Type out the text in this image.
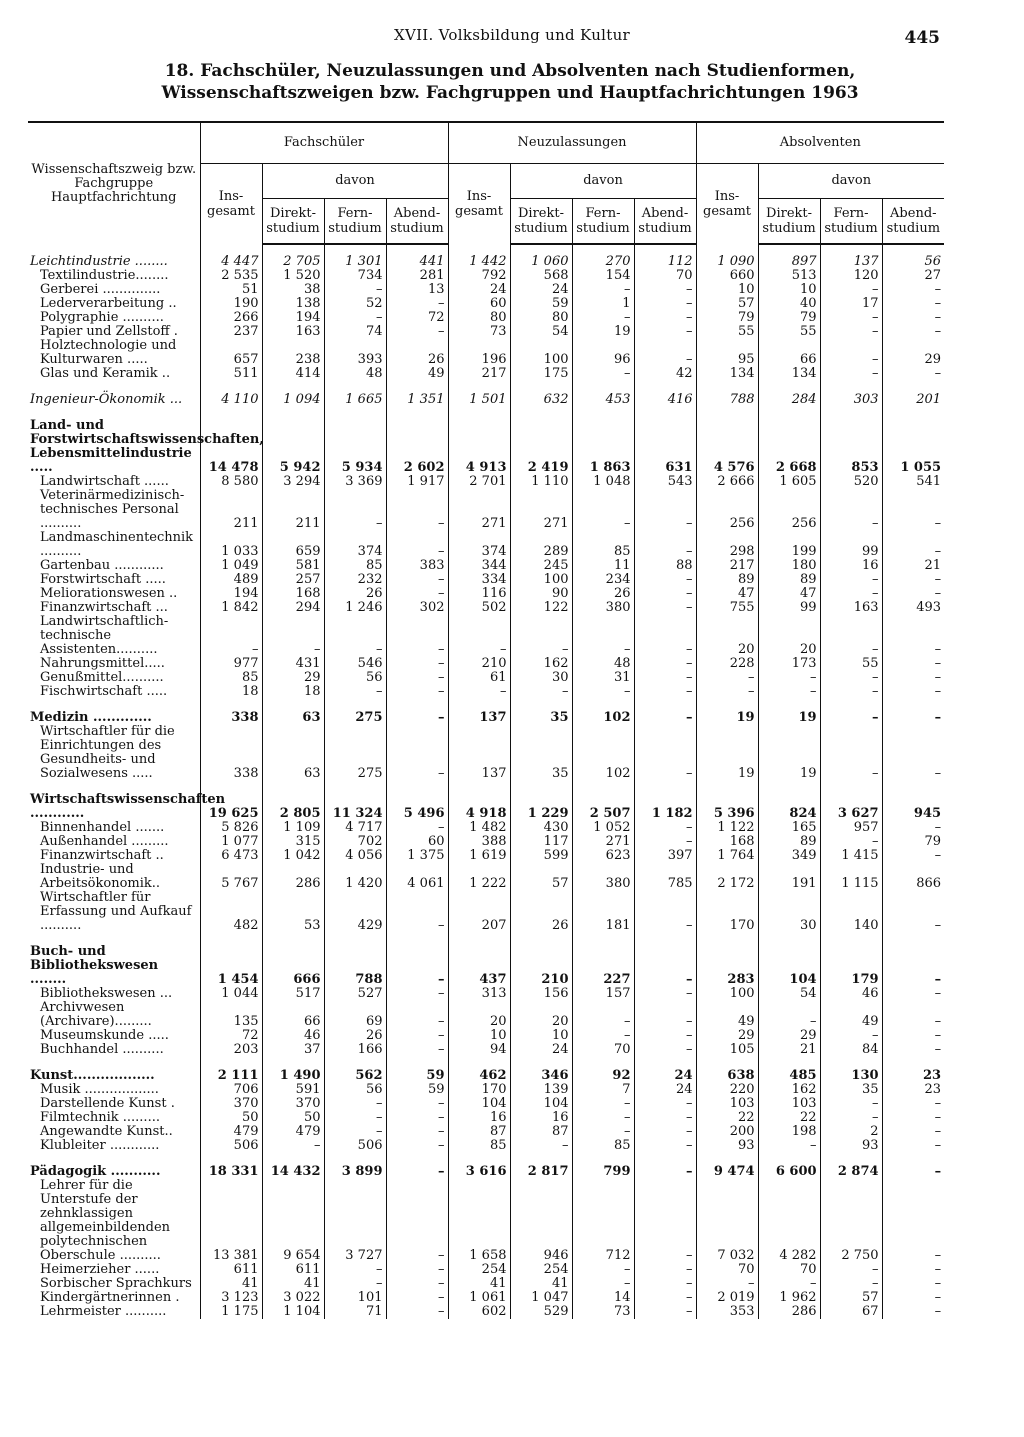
XVII. Volksbildung und Kultur	445
18. Fachschüler, Neuzulassungen und Absolventen nach Studienformen,
Wissenschaftszweigen bzw. Fachgruppen und Hauptfachrichtungen 1963
Wissenschaftszweig bzw. Fachgruppe Hauptfachrichtung	Fachschüler				Neuzulassungen				Absolventen			
	Ins-gesamt	davon			Ins-gesamt	davon			Ins-gesamt	davon		
		Direkt-studium	Fern-studium	Abend-studium		Direkt-studium	Fern-studium	Abend-studium		Direkt-studium	Fern-studium	Abend-studium

Leichtindustrie ........	4 447	2 705	1 301	441	1 442	1 060	270	112	1 090	897	137	56
Textilindustrie........	2 535	1 520	734	281	792	568	154	70	660	513	120	27
Gerberei ..............	51	38	–	13	24	24	–	–	10	10	–	–
Lederverarbeitung ..	190	138	52	–	60	59	1	–	57	40	17	–
Polygraphie ..........	266	194	–	72	80	80	–	–	79	79	–	–
Papier und Zellstoff .	237	163	74	–	73	54	19	–	55	55	–	–
Holztechnologie und Kulturwaren .....	657	238	393	26	196	100	96	–	95	66	–	29
Glas und Keramik ..	511	414	48	49	217	175	–	42	134	134	–	–

Ingenieur-Ökonomik ...	4 110	1 094	1 665	1 351	1 501	632	453	416	788	284	303	201

Land- und Forstwirtschaftswissenschaften, Lebensmittelindustrie .....	14 478	5 942	5 934	2 602	4 913	2 419	1 863	631	4 576	2 668	853	1 055
Landwirtschaft ......	8 580	3 294	3 369	1 917	2 701	1 110	1 048	543	2 666	1 605	520	541
Veterinärmedizinisch-technisches Personal ..........	211	211	–	–	271	271	–	–	256	256	–	–
Landmaschinentechnik ..........	1 033	659	374	–	374	289	85	–	298	199	99	–
Gartenbau ............	1 049	581	85	383	344	245	11	88	217	180	16	21
Forstwirtschaft .....	489	257	232	–	334	100	234	–	89	89	–	–
Meliorationswesen ..	194	168	26	–	116	90	26	–	47	47	–	–
Finanzwirtschaft ...	1 842	294	1 246	302	502	122	380	–	755	99	163	493
Landwirtschaftlich-technische Assistenten..........	–	–	–	–	–	–	–	–	20	20	–	–
Nahrungsmittel.....	977	431	546	–	210	162	48	–	228	173	55	–
Genußmittel..........	85	29	56	–	61	30	31	–	–	–	–	–
Fischwirtschaft .....	18	18	–	–	–	–	–	–	–	–	–	–

Medizin .............	338	63	275	–	137	35	102	–	19	19	–	–
Wirtschaftler für die Einrichtungen des Gesundheits- und Sozialwesens .....	338	63	275	–	137	35	102	–	19	19	–	–

Wirtschaftswissenschaften ............	19 625	2 805	11 324	5 496	4 918	1 229	2 507	1 182	5 396	824	3 627	945
Binnenhandel .......	5 826	1 109	4 717	–	1 482	430	1 052	–	1 122	165	957	–
Außenhandel .........	1 077	315	702	60	388	117	271	–	168	89	–	79
Finanzwirtschaft ..	6 473	1 042	4 056	1 375	1 619	599	623	397	1 764	349	1 415	–
Industrie- und Arbeitsökonomik..	5 767	286	1 420	4 061	1 222	57	380	785	2 172	191	1 115	866
Wirtschaftler für Erfassung und Aufkauf ..........	482	53	429	–	207	26	181	–	170	30	140	–

Buch- und Bibliothekswesen ........	1 454	666	788	–	437	210	227	–	283	104	179	–
Bibliothekswesen ...	1 044	517	527	–	313	156	157	–	100	54	46	–
Archivwesen (Archivare).........	135	66	69	–	20	20	–	–	49	–	49	–
Museumskunde .....	72	46	26	–	10	10	–	–	29	29	–	–
Buchhandel ..........	203	37	166	–	94	24	70	–	105	21	84	–

Kunst..................	2 111	1 490	562	59	462	346	92	24	638	485	130	23
Musik ..................	706	591	56	59	170	139	7	24	220	162	35	23
Darstellende Kunst .	370	370	–	–	104	104	–	–	103	103	–	–
Filmtechnik .........	50	50	–	–	16	16	–	–	22	22	–	–
Angewandte Kunst..	479	479	–	–	87	87	–	–	200	198	2	–
Klubleiter ............	506	–	506	–	85	–	85	–	93	–	93	–

Pädagogik ...........	18 331	14 432	3 899	–	3 616	2 817	799	–	9 474	6 600	2 874	–
Lehrer für die Unterstufe der zehnklassigen allgemeinbildenden polytechnischen Oberschule ..........	13 381	9 654	3 727	–	1 658	946	712	–	7 032	4 282	2 750	–
Heimerzieher ......	611	611	–	–	254	254	–	–	70	70	–	–
Sorbischer Sprachkurs	41	41	–	–	41	41	–	–	–	–	–	–
Kindergärtnerinnen .	3 123	3 022	101	–	1 061	1 047	14	–	2 019	1 962	57	–
Lehrmeister ..........	1 175	1 104	71	–	602	529	73	–	353	286	67	–
